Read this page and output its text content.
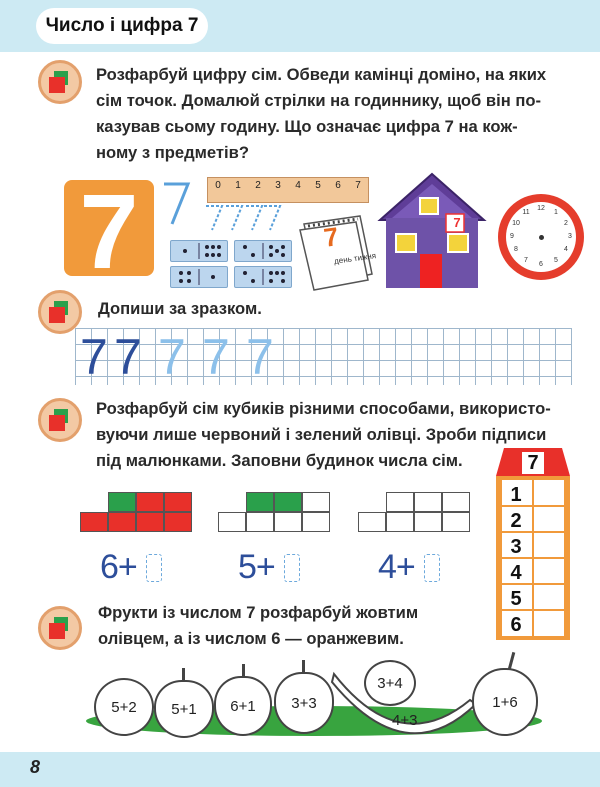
Число і цифра 7
Розфарбуй цифру сім. Обведи камінці доміно, на яких
сім точок. Домалюй стрілки на годиннику, щоб він по-
казував сьому годину. Що означає цифра 7 на кож-
ному з предметів?
7	0 1 2 3 4 5 6 7
7
день тижня
7
12
1
2
3
4
5
6
7
8
9
10
11
Допиши за зразком.
7 7 7 7 7
Розфарбуй сім кубиків різними способами, використо-
вуючи лише червоний і зелений олівці. Зроби підписи
під малюнками. Заповни будинок числа сім.
6+	5+	4+
7
1
2
3
4
5
6
Фрукти із числом 7 розфарбуй жовтим
олівцем, а із числом 6 — оранжевим.
5+2 5+1 6+1 3+3
3+4
4+3
1+6
8
